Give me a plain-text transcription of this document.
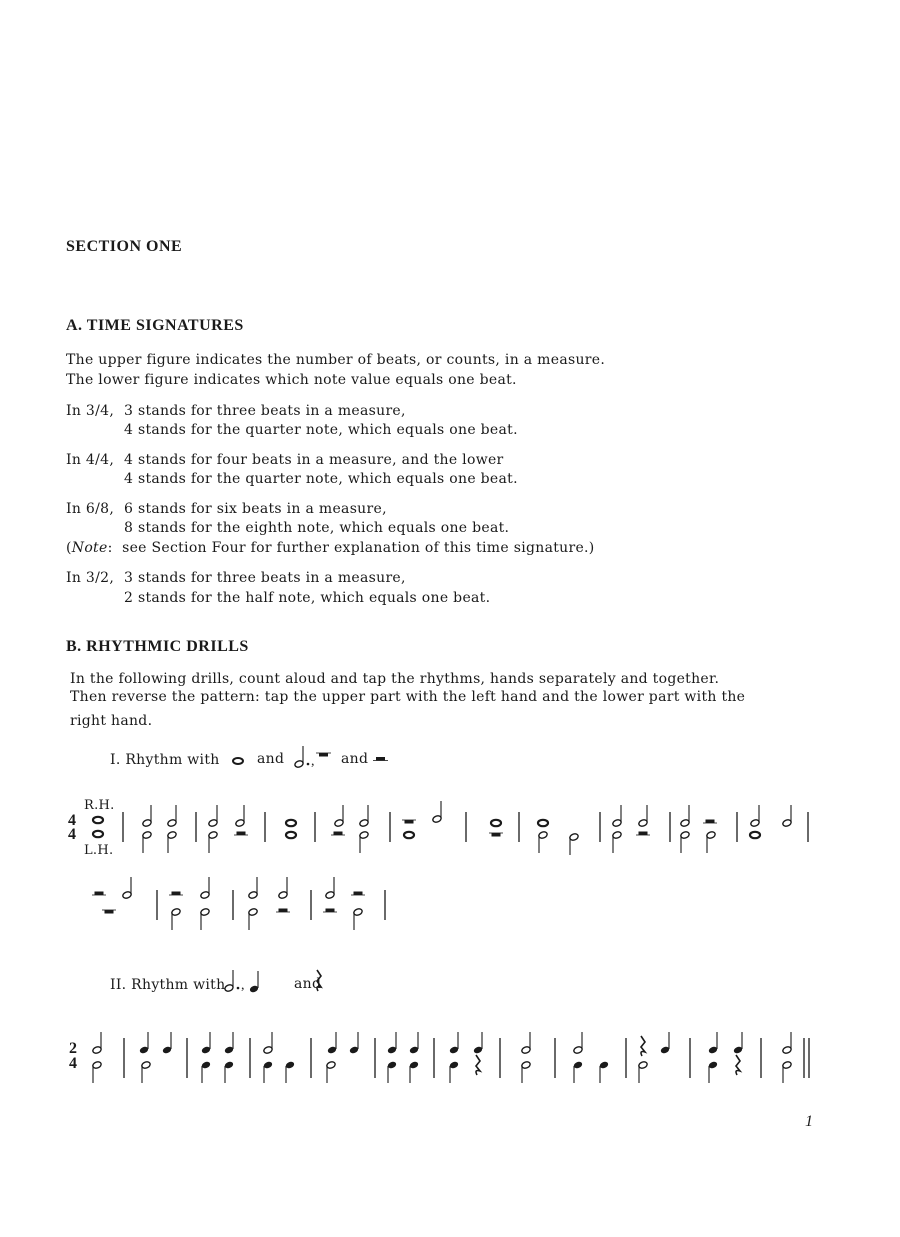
SECTION ONE
A. TIME SIGNATURES
The upper figure indicates the number of beats, or counts, in a measure.
The lower figure indicates which note value equals one beat.
In 3/4, 3 stands for three beats in a measure,
4 stands for the quarter note, which equals one beat.
In 4/4, 4 stands for four beats in a measure, and the lower
4 stands for the quarter note, which equals one beat.
In 6/8, 6 stands for six beats in a measure,
8 stands for the eighth note, which equals one beat.
(Note:  see Section Four for further explanation of this time signature.)
In 3/2, 3 stands for three beats in a measure,
2 stands for the half note, which equals one beat.
B. RHYTHMIC DRILLS
In the following drills, count aloud and tap the rhythms, hands separately and together.
Then reverse the pattern: tap the upper part with the left hand and the lower part with the
right hand.
I. Rhythm with	,
and	and
R.H.
L.H.
4
4
II. Rhythm with ,	and
2
4
1
